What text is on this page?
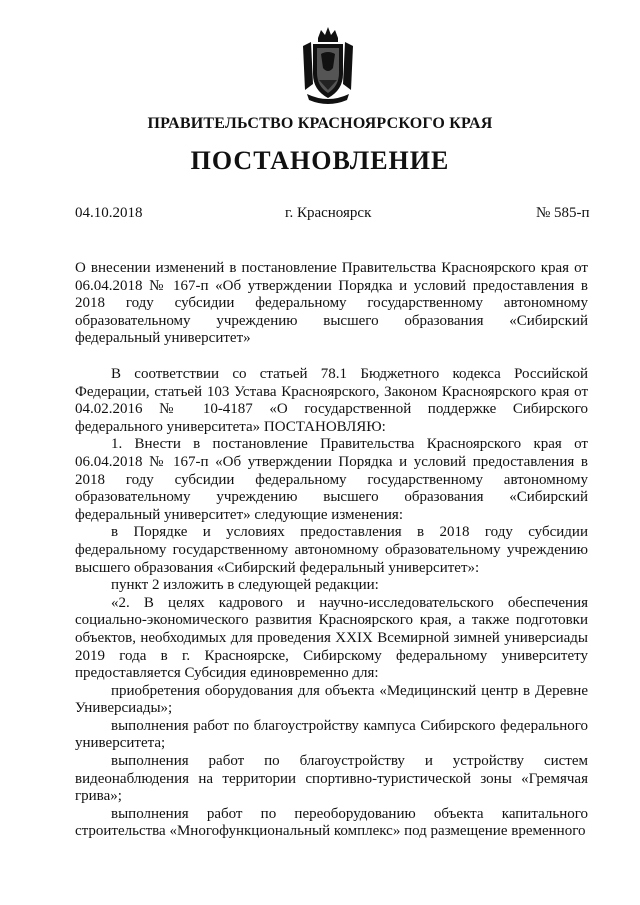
ПРАВИТЕЛЬСТВО КРАСНОЯРСКОГО КРАЯ
ПОСТАНОВЛЕНИЕ
04.10.2018	г. Красноярск	№ 585-п
О внесении изменений в постановление Правительства Красноярского края от 06.04.2018 № 167-п «Об утверждении Порядка и условий предоставления в 2018 году субсидии федеральному государственному автономному образовательному учреждению высшего образования «Сибирский федеральный университет»

В соответствии со статьей 78.1 Бюджетного кодекса Российской Федерации, статьей 103 Устава Красноярского, Законом Красноярского края от 04.02.2016 № 10-4187 «О государственной поддержке Сибирского федерального университета» ПОСТАНОВЛЯЮ:

1. Внести в постановление Правительства Красноярского края от 06.04.2018 № 167-п «Об утверждении Порядка и условий предоставления в 2018 году субсидии федеральному государственному автономному образовательному учреждению высшего образования «Сибирский федеральный университет» следующие изменения:

в Порядке и условиях предоставления в 2018 году субсидии федеральному государственному автономному образовательному учреждению высшего образования «Сибирский федеральный университет»:

пункт 2 изложить в следующей редакции:

«2. В целях кадрового и научно-исследовательского обеспечения социально-экономического развития Красноярского края, а также подготовки объектов, необходимых для проведения XXIX Всемирной зимней универсиады 2019 года в г. Красноярске, Сибирскому федеральному университету предоставляется Субсидия единовременно для:

приобретения оборудования для объекта «Медицинский центр в Деревне Универсиады»;

выполнения работ по благоустройству кампуса Сибирского федерального университета;

выполнения работ по благоустройству и устройству систем видеонаблюдения на территории спортивно-туристической зоны «Гремячая грива»;

выполнения работ по переоборудованию объекта капитального строительства «Многофункциональный комплекс» под размещение временного
